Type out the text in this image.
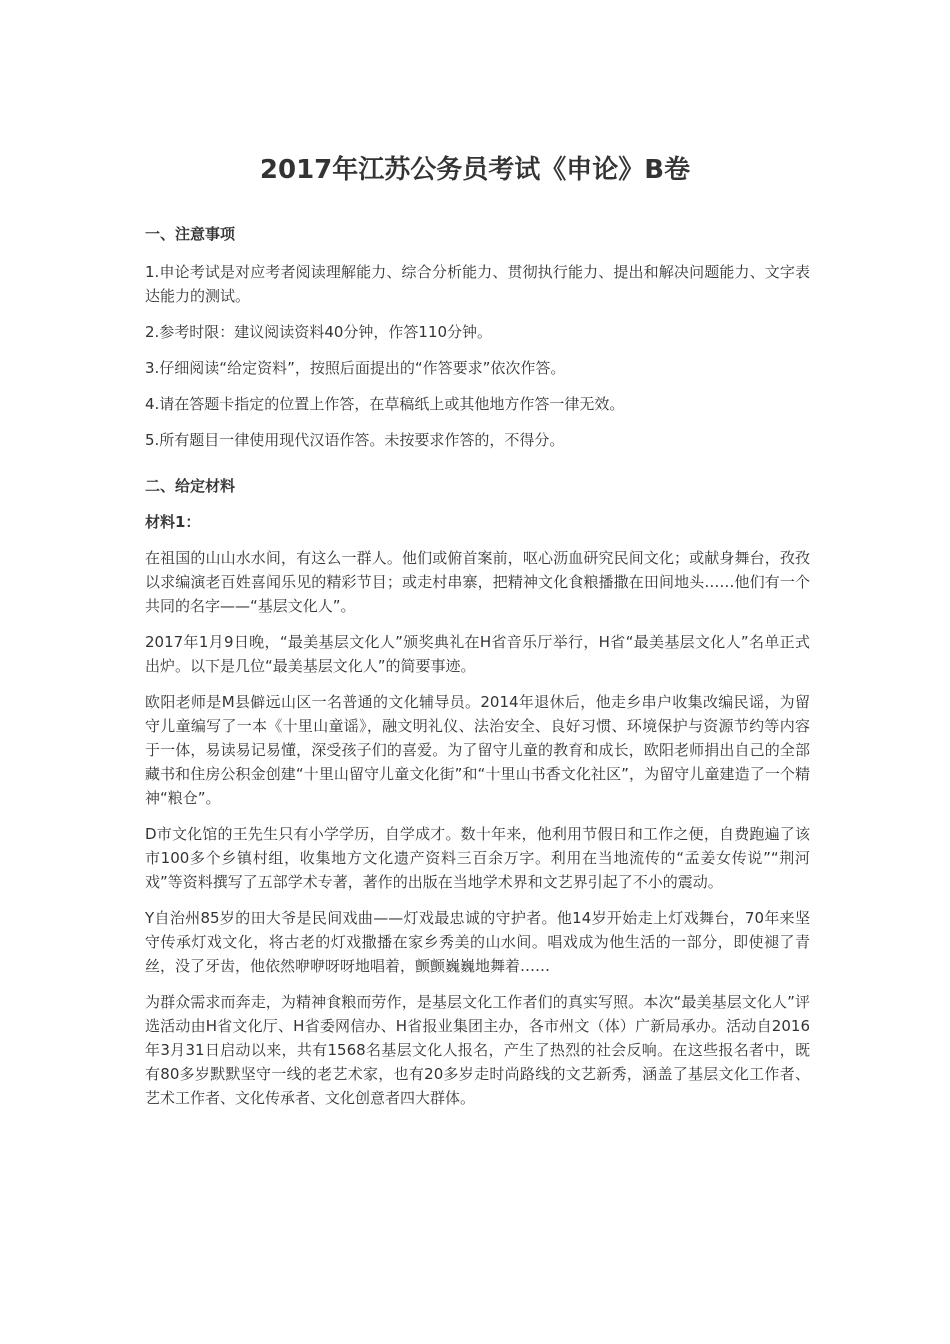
2017年江苏公务员考试《申论》B卷

一、注意事项

1.申论考试是对应考者阅读理解能力、综合分析能力、贯彻执行能力、提出和解决问题能力、文字表达能力的测试。

2.参考时限：建议阅读资料40分钟，作答110分钟。

3.仔细阅读“给定资料”，按照后面提出的“作答要求”依次作答。

4.请在答题卡指定的位置上作答，在草稿纸上或其他地方作答一律无效。

5.所有题目一律使用现代汉语作答。未按要求作答的，不得分。

二、给定材料

材料1：

在祖国的山山水水间，有这么一群人。他们或俯首案前，呕心沥血研究民间文化；或献身舞台，孜孜以求编演老百姓喜闻乐见的精彩节目；或走村串寨，把精神文化食粮播撒在田间地头……他们有一个共同的名字——“基层文化人”。

2017年1月9日晚，“最美基层文化人”颁奖典礼在H省音乐厅举行，H省“最美基层文化人”名单正式出炉。以下是几位“最美基层文化人”的简要事迹。

欧阳老师是M县僻远山区一名普通的文化辅导员。2014年退休后，他走乡串户收集改编民谣，为留守儿童编写了一本《十里山童谣》，融文明礼仪、法治安全、良好习惯、环境保护与资源节约等内容于一体，易读易记易懂，深受孩子们的喜爱。为了留守儿童的教育和成长，欧阳老师捐出自己的全部藏书和住房公积金创建“十里山留守儿童文化街”和“十里山书香文化社区”，为留守儿童建造了一个精神“粮仓”。

D市文化馆的王先生只有小学学历，自学成才。数十年来，他利用节假日和工作之便，自费跑遍了该市100多个乡镇村组，收集地方文化遗产资料三百余万字。利用在当地流传的“孟姜女传说”“荆河戏”等资料撰写了五部学术专著，著作的出版在当地学术界和文艺界引起了不小的震动。

Y自治州85岁的田大爷是民间戏曲——灯戏最忠诚的守护者。他14岁开始走上灯戏舞台，70年来坚守传承灯戏文化，将古老的灯戏撒播在家乡秀美的山水间。唱戏成为他生活的一部分，即使褪了青丝，没了牙齿，他依然咿咿呀呀地唱着，颤颤巍巍地舞着……

为群众需求而奔走，为精神食粮而劳作，是基层文化工作者们的真实写照。本次“最美基层文化人”评选活动由H省文化厅、H省委网信办、H省报业集团主办，各市州文（体）广新局承办。活动自2016年3月31日启动以来，共有1568名基层文化人报名，产生了热烈的社会反响。在这些报名者中，既有80多岁默默坚守一线的老艺术家，也有20多岁走时尚路线的文艺新秀，涵盖了基层文化工作者、艺术工作者、文化传承者、文化创意者四大群体。
